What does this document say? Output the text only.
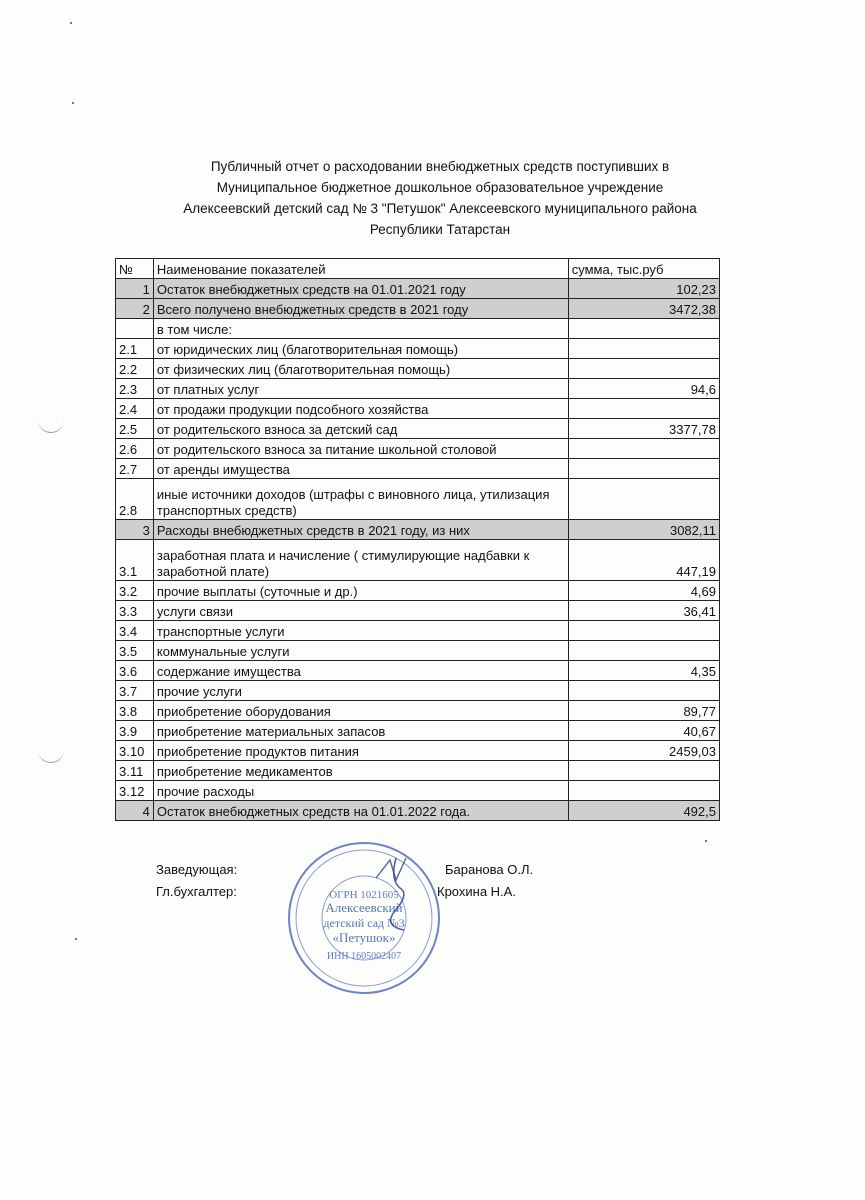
Публичный отчет о расходовании внебюджетных средств поступивших в
Муниципальное бюджетное дошкольное образовательное учреждение
Алексеевский детский сад № 3 "Петушок" Алексеевского муниципального района
Республики Татарстан
№	Наименование показателей	сумма, тыс.руб
1	Остаток внебюджетных средств на 01.01.2021 году	102,23
2	Всего получено внебюджетных средств в 2021 году	3472,38
	в том числе:	
2.1	от юридических лиц (благотворительная помощь)	
2.2	от физических лиц (благотворительная помощь)	
2.3	от платных услуг	94,6
2.4	от продажи продукции подсобного хозяйства	
2.5	от родительского взноса за детский сад	3377,78
2.6	от родительского взноса за питание школьной столовой	
2.7	от аренды имущества	
2.8	иные источники доходов (штрафы с виновного лица, утилизация транспортных средств)	
3	Расходы внебюджетных средств в 2021 году, из них	3082,11
3.1	заработная плата и начисление ( стимулирующие надбавки к заработной плате)	447,19
3.2	прочие выплаты (суточные и др.)	4,69
3.3	услуги связи	36,41
3.4	транспортные услуги	
3.5	коммунальные услуги	
3.6	содержание имущества	4,35
3.7	прочие услуги	
3.8	приобретение оборудования	89,77
3.9	приобретение материальных запасов	40,67
3.10	приобретение продуктов питания	2459,03
3.11	приобретение медикаментов	
3.12	прочие расходы	
4	Остаток внебюджетных средств на 01.01.2022 года.	492,5
Заведующая:	Баранова О.Л.
Гл.бухгалтер:	Крохина Н.А.
ОГРН 1021605
Алексеевский
детский сад №3
«Петушок»
ИНН 1605002407
